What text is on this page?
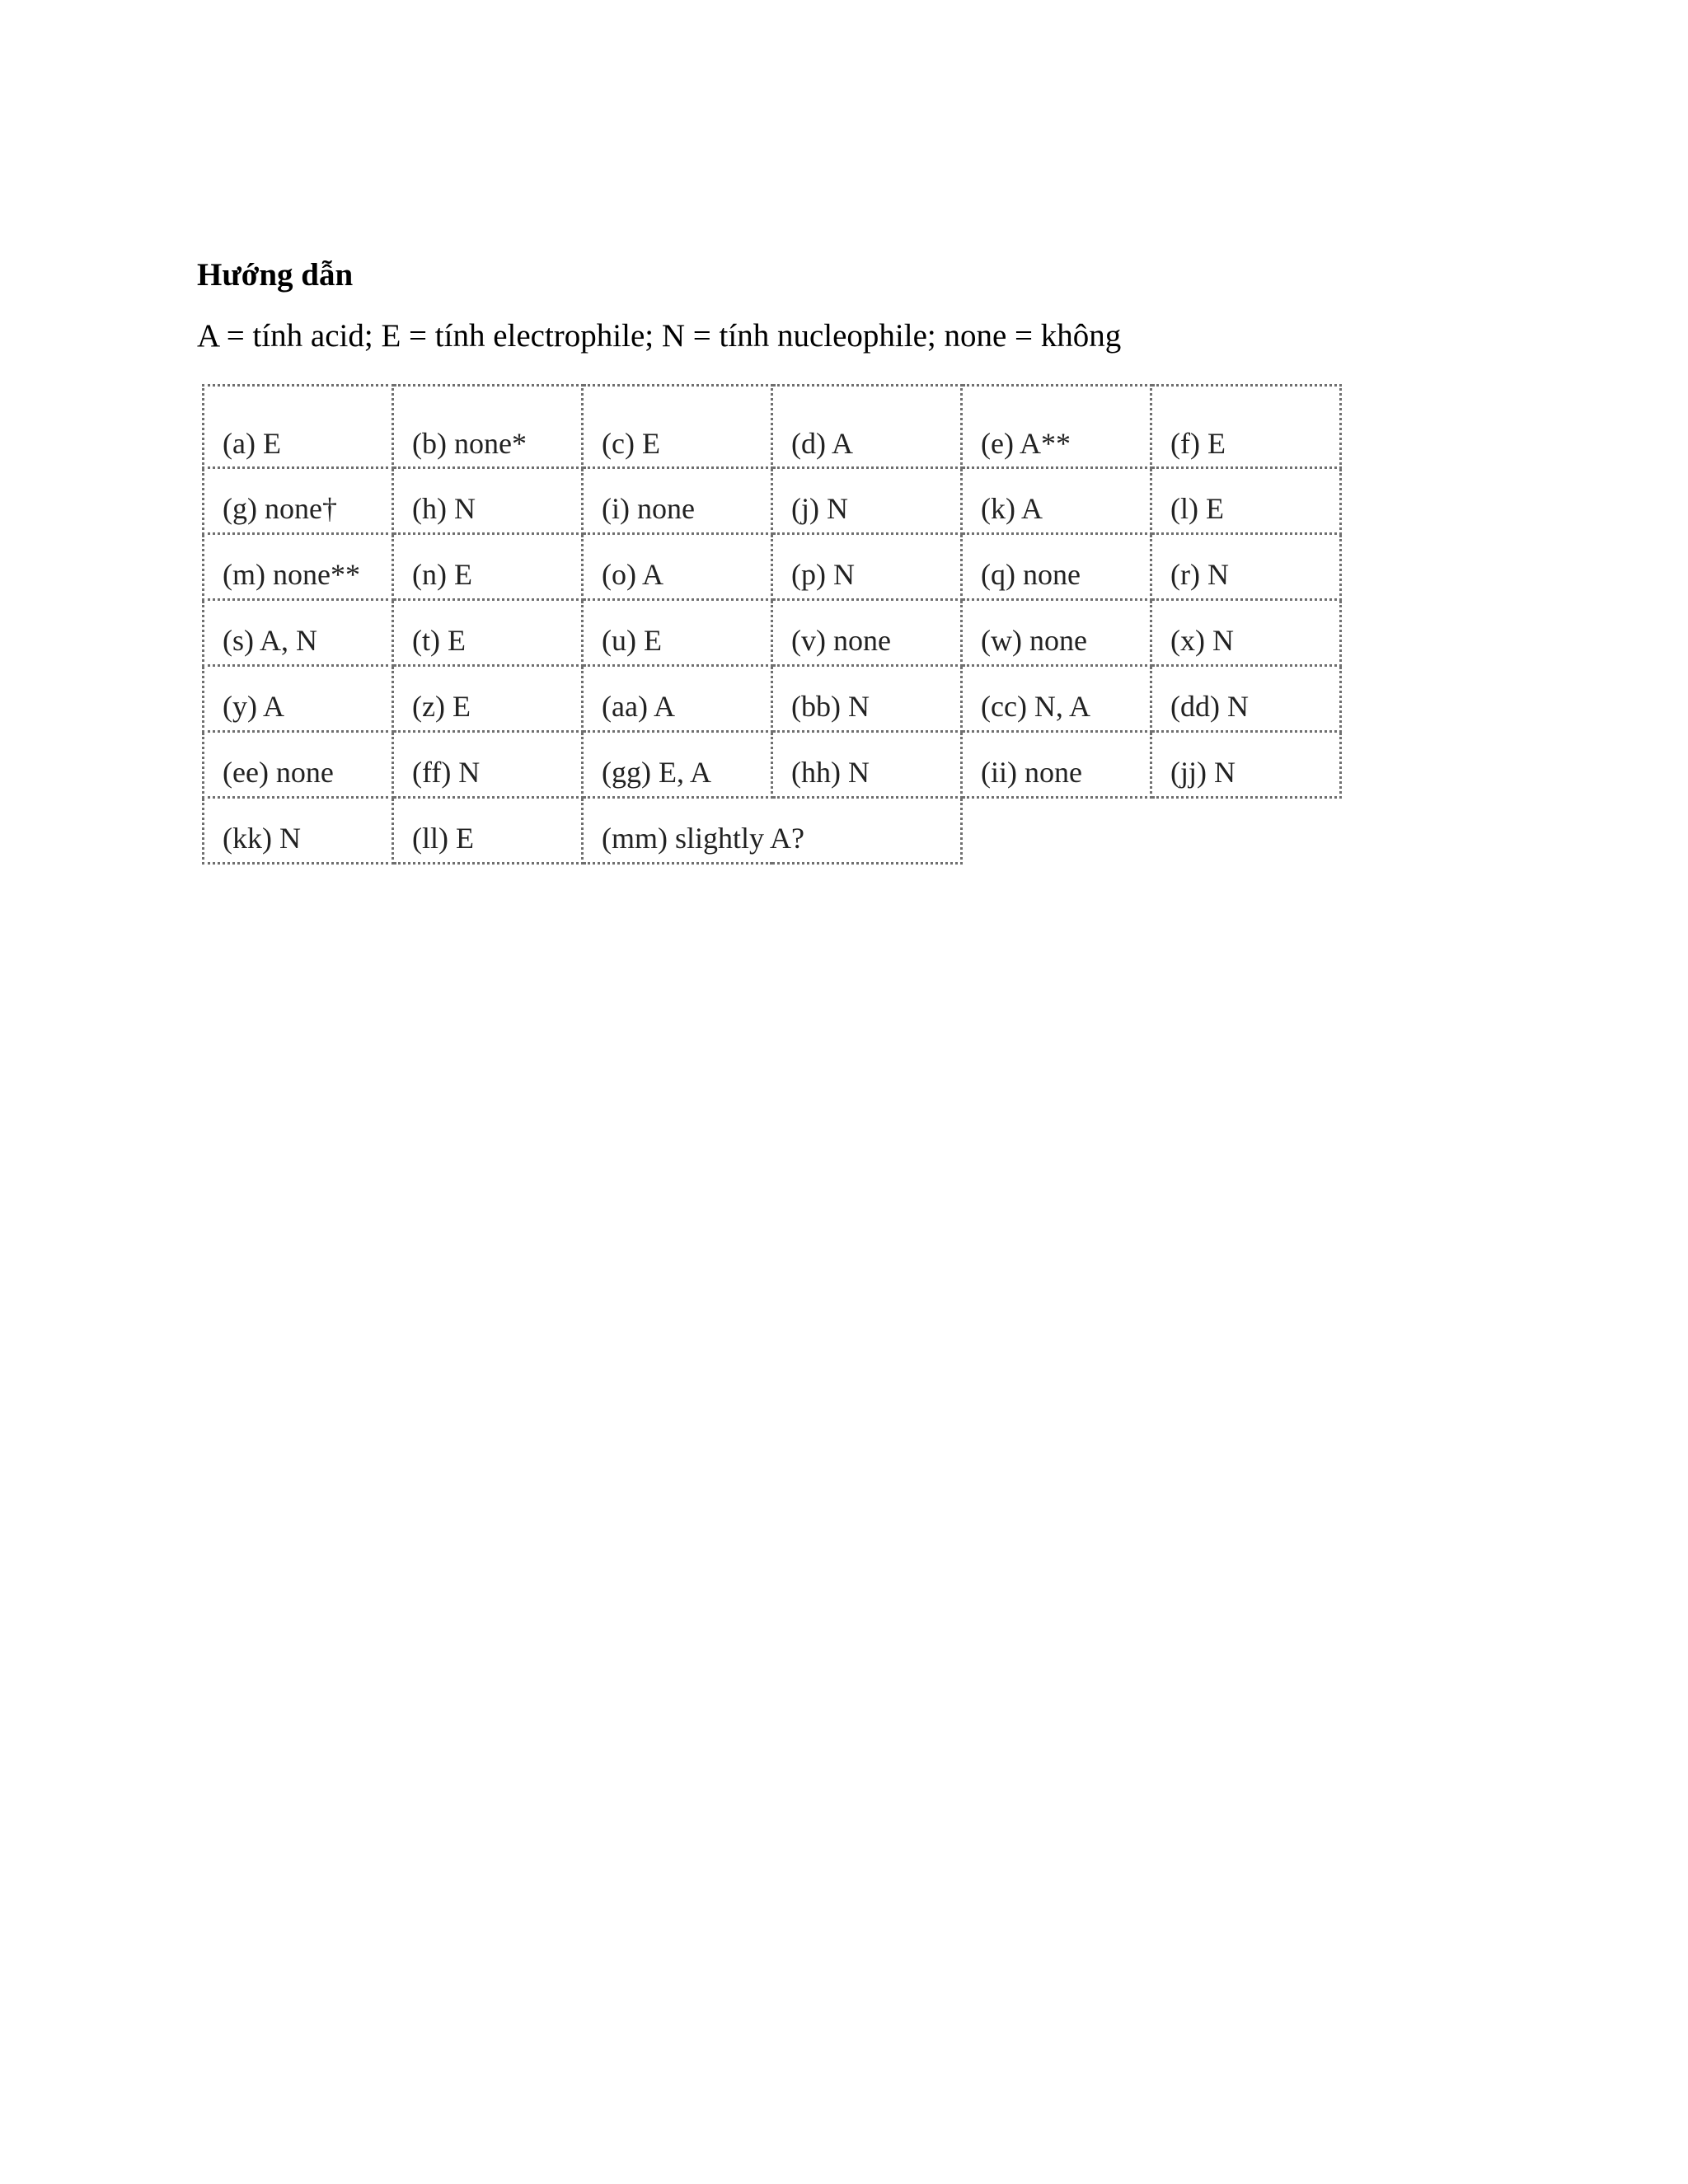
Hướng dẫn

A = tính acid; E = tính electrophile; N = tính nucleophile; none = không

(a) E	(b) none*	(c) E	(d) A	(e) A**	(f) E
(g) none†	(h) N	(i) none	(j) N	(k) A	(l) E
(m) none**	(n) E	(o) A	(p) N	(q) none	(r) N
(s) A, N	(t) E	(u) E	(v) none	(w) none	(x) N
(y) A	(z) E	(aa) A	(bb) N	(cc) N, A	(dd) N
(ee) none	(ff) N	(gg) E, A	(hh) N	(ii) none	(jj) N
(kk) N	(ll) E	(mm) slightly A?			
